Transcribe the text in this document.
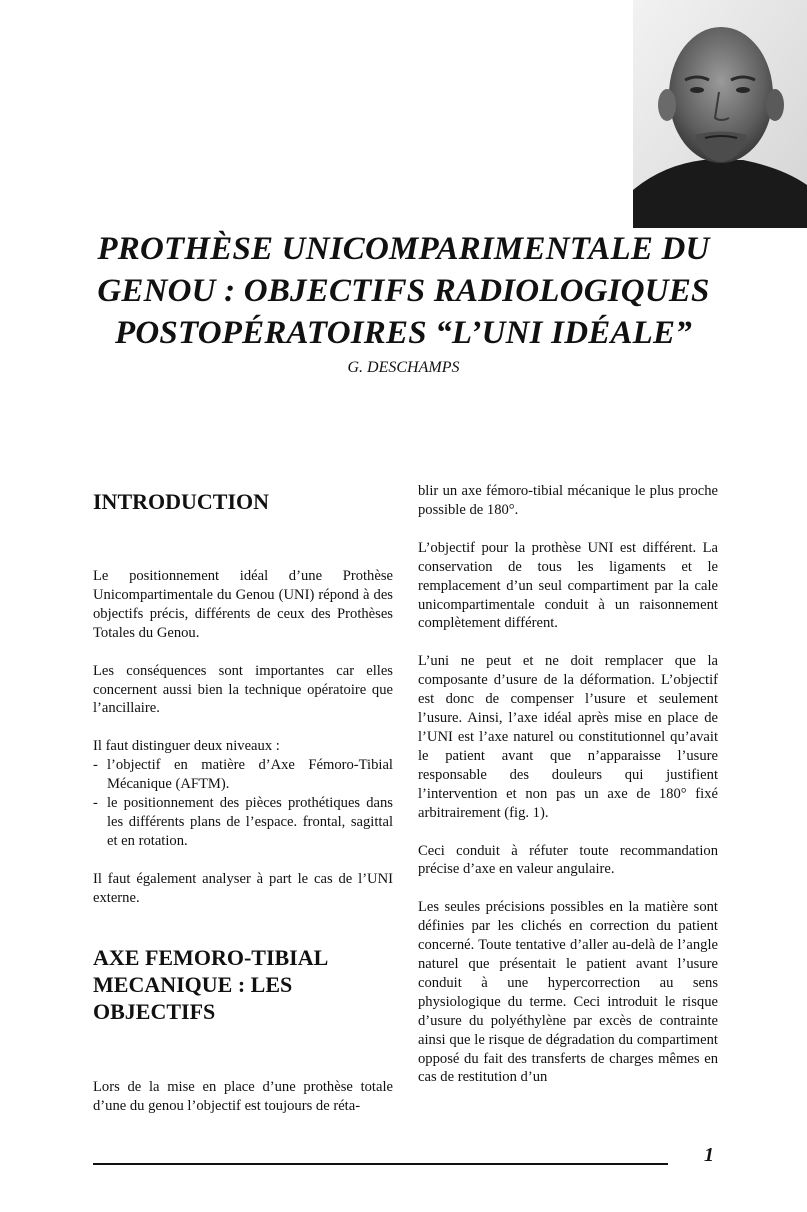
PROTHÈSE UNICOMPARIMENTALE DU
GENOU : OBJECTIFS RADIOLOGIQUES
POSTOPÉRATOIRES “L’UNI IDÉALE”

G. DESCHAMPS

INTRODUCTION

Le positionnement idéal d’une Prothèse Unicompartimentale du Genou (UNI) répond à des objectifs précis, différents de ceux des Prothèses Totales du Genou.

Les conséquences sont importantes car elles concernent aussi bien la technique opératoire que l’ancillaire.

Il faut distinguer deux niveaux :

- l’objectif en matière d’Axe Fémoro-Tibial Mécanique (AFTM).
- le positionnement des pièces prothétiques dans les différents plans de l’espace. frontal, sagittal et en rotation.

Il faut également analyser à part le cas de l’UNI externe.

AXE FEMORO-TIBIAL
MECANIQUE : LES
OBJECTIFS

Lors de la mise en place d’une prothèse totale d’une du genou l’objectif est toujours de réta-

blir un axe fémoro-tibial mécanique le plus proche possible de 180°.

L’objectif pour la prothèse UNI est différent. La conservation de tous les ligaments et le remplacement d’un seul compartiment par la cale unicompartimentale conduit à un raisonnement complètement différent.

L’uni ne peut et ne doit remplacer que la composante d’usure de la déformation. L’objectif est donc de compenser l’usure et seulement l’usure. Ainsi, l’axe idéal après mise en place de l’UNI est l’axe naturel ou constitutionnel qu’avait le patient avant que n’apparaisse l’usure responsable des douleurs qui justifient l’intervention et non pas un axe de 180° fixé arbitrairement (fig. 1).

Ceci conduit à réfuter toute recommandation précise d’axe en valeur angulaire.

Les seules précisions possibles en la matière sont définies par les clichés en correction du patient concerné. Toute tentative d’aller au-delà de l’angle naturel que présentait le patient avant l’usure conduit à une hypercorrection au sens physiologique du terme. Ceci introduit le risque d’usure du polyéthylène par excès de contrainte ainsi que le risque de dégradation du compartiment opposé du fait des transferts de charges mêmes en cas de restitution d’un

1
